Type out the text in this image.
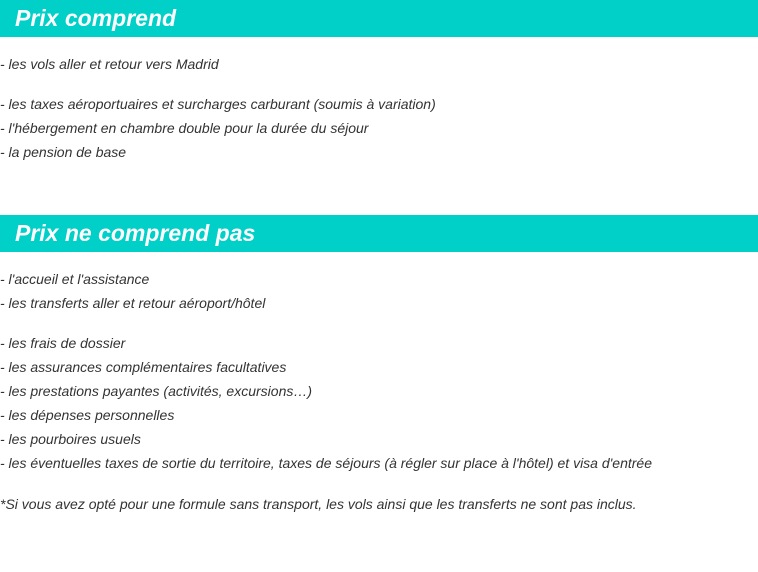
Prix comprend
- les vols aller et retour vers Madrid
- les taxes aéroportuaires et surcharges carburant (soumis à variation)
- l'hébergement en chambre double pour la durée du séjour
- la pension de base
Prix ne comprend pas
- l'accueil et l'assistance
- les transferts aller et retour aéroport/hôtel
- les frais de dossier
- les assurances complémentaires facultatives
- les prestations payantes (activités, excursions…)
- les dépenses personnelles
- les pourboires usuels
- les éventuelles taxes de sortie du territoire, taxes de séjours (à régler sur place à l'hôtel) et visa d'entrée
*Si vous avez opté pour une formule sans transport, les vols ainsi que les transferts ne sont pas inclus.
